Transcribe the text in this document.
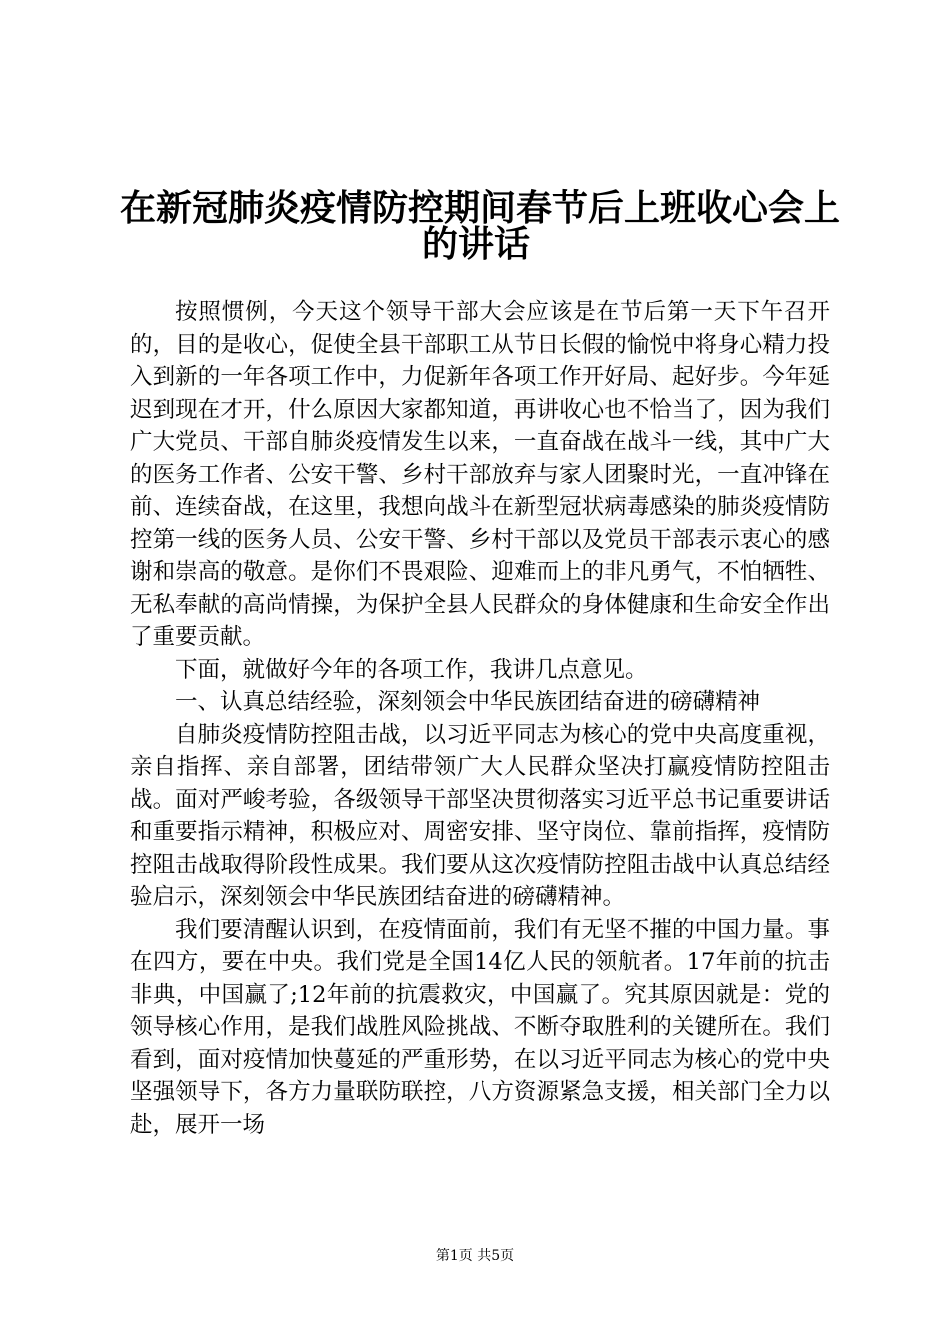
在新冠肺炎疫情防控期间春节后上班收心会上
的讲话

按照惯例，今天这个领导干部大会应该是在节后第一天下午召开的，目的是收心，促使全县干部职工从节日长假的愉悦中将身心精力投入到新的一年各项工作中，力促新年各项工作开好局、起好步。今年延迟到现在才开，什么原因大家都知道，再讲收心也不恰当了，因为我们广大党员、干部自肺炎疫情发生以来，一直奋战在战斗一线，其中广大的医务工作者、公安干警、乡村干部放弃与家人团聚时光，一直冲锋在前、连续奋战，在这里，我想向战斗在新型冠状病毒感染的肺炎疫情防控第一线的医务人员、公安干警、乡村干部以及党员干部表示衷心的感谢和崇高的敬意。是你们不畏艰险、迎难而上的非凡勇气，不怕牺牲、无私奉献的高尚情操，为保护全县人民群众的身体健康和生命安全作出了重要贡献。

下面，就做好今年的各项工作，我讲几点意见。

一、认真总结经验，深刻领会中华民族团结奋进的磅礴精神

自肺炎疫情防控阻击战，以习近平同志为核心的党中央高度重视，亲自指挥、亲自部署，团结带领广大人民群众坚决打赢疫情防控阻击战。面对严峻考验，各级领导干部坚决贯彻落实习近平总书记重要讲话和重要指示精神，积极应对、周密安排、坚守岗位、靠前指挥，疫情防控阻击战取得阶段性成果。我们要从这次疫情防控阻击战中认真总结经验启示，深刻领会中华民族团结奋进的磅礴精神。

我们要清醒认识到，在疫情面前，我们有无坚不摧的中国力量。事在四方，要在中央。我们党是全国14亿人民的领航者。17年前的抗击非典，中国赢了;12年前的抗震救灾，中国赢了。究其原因就是：党的领导核心作用，是我们战胜风险挑战、不断夺取胜利的关键所在。我们看到，面对疫情加快蔓延的严重形势，在以习近平同志为核心的党中央坚强领导下，各方力量联防联控，八方资源紧急支援，相关部门全力以赴，展开一场

第1页 共5页
